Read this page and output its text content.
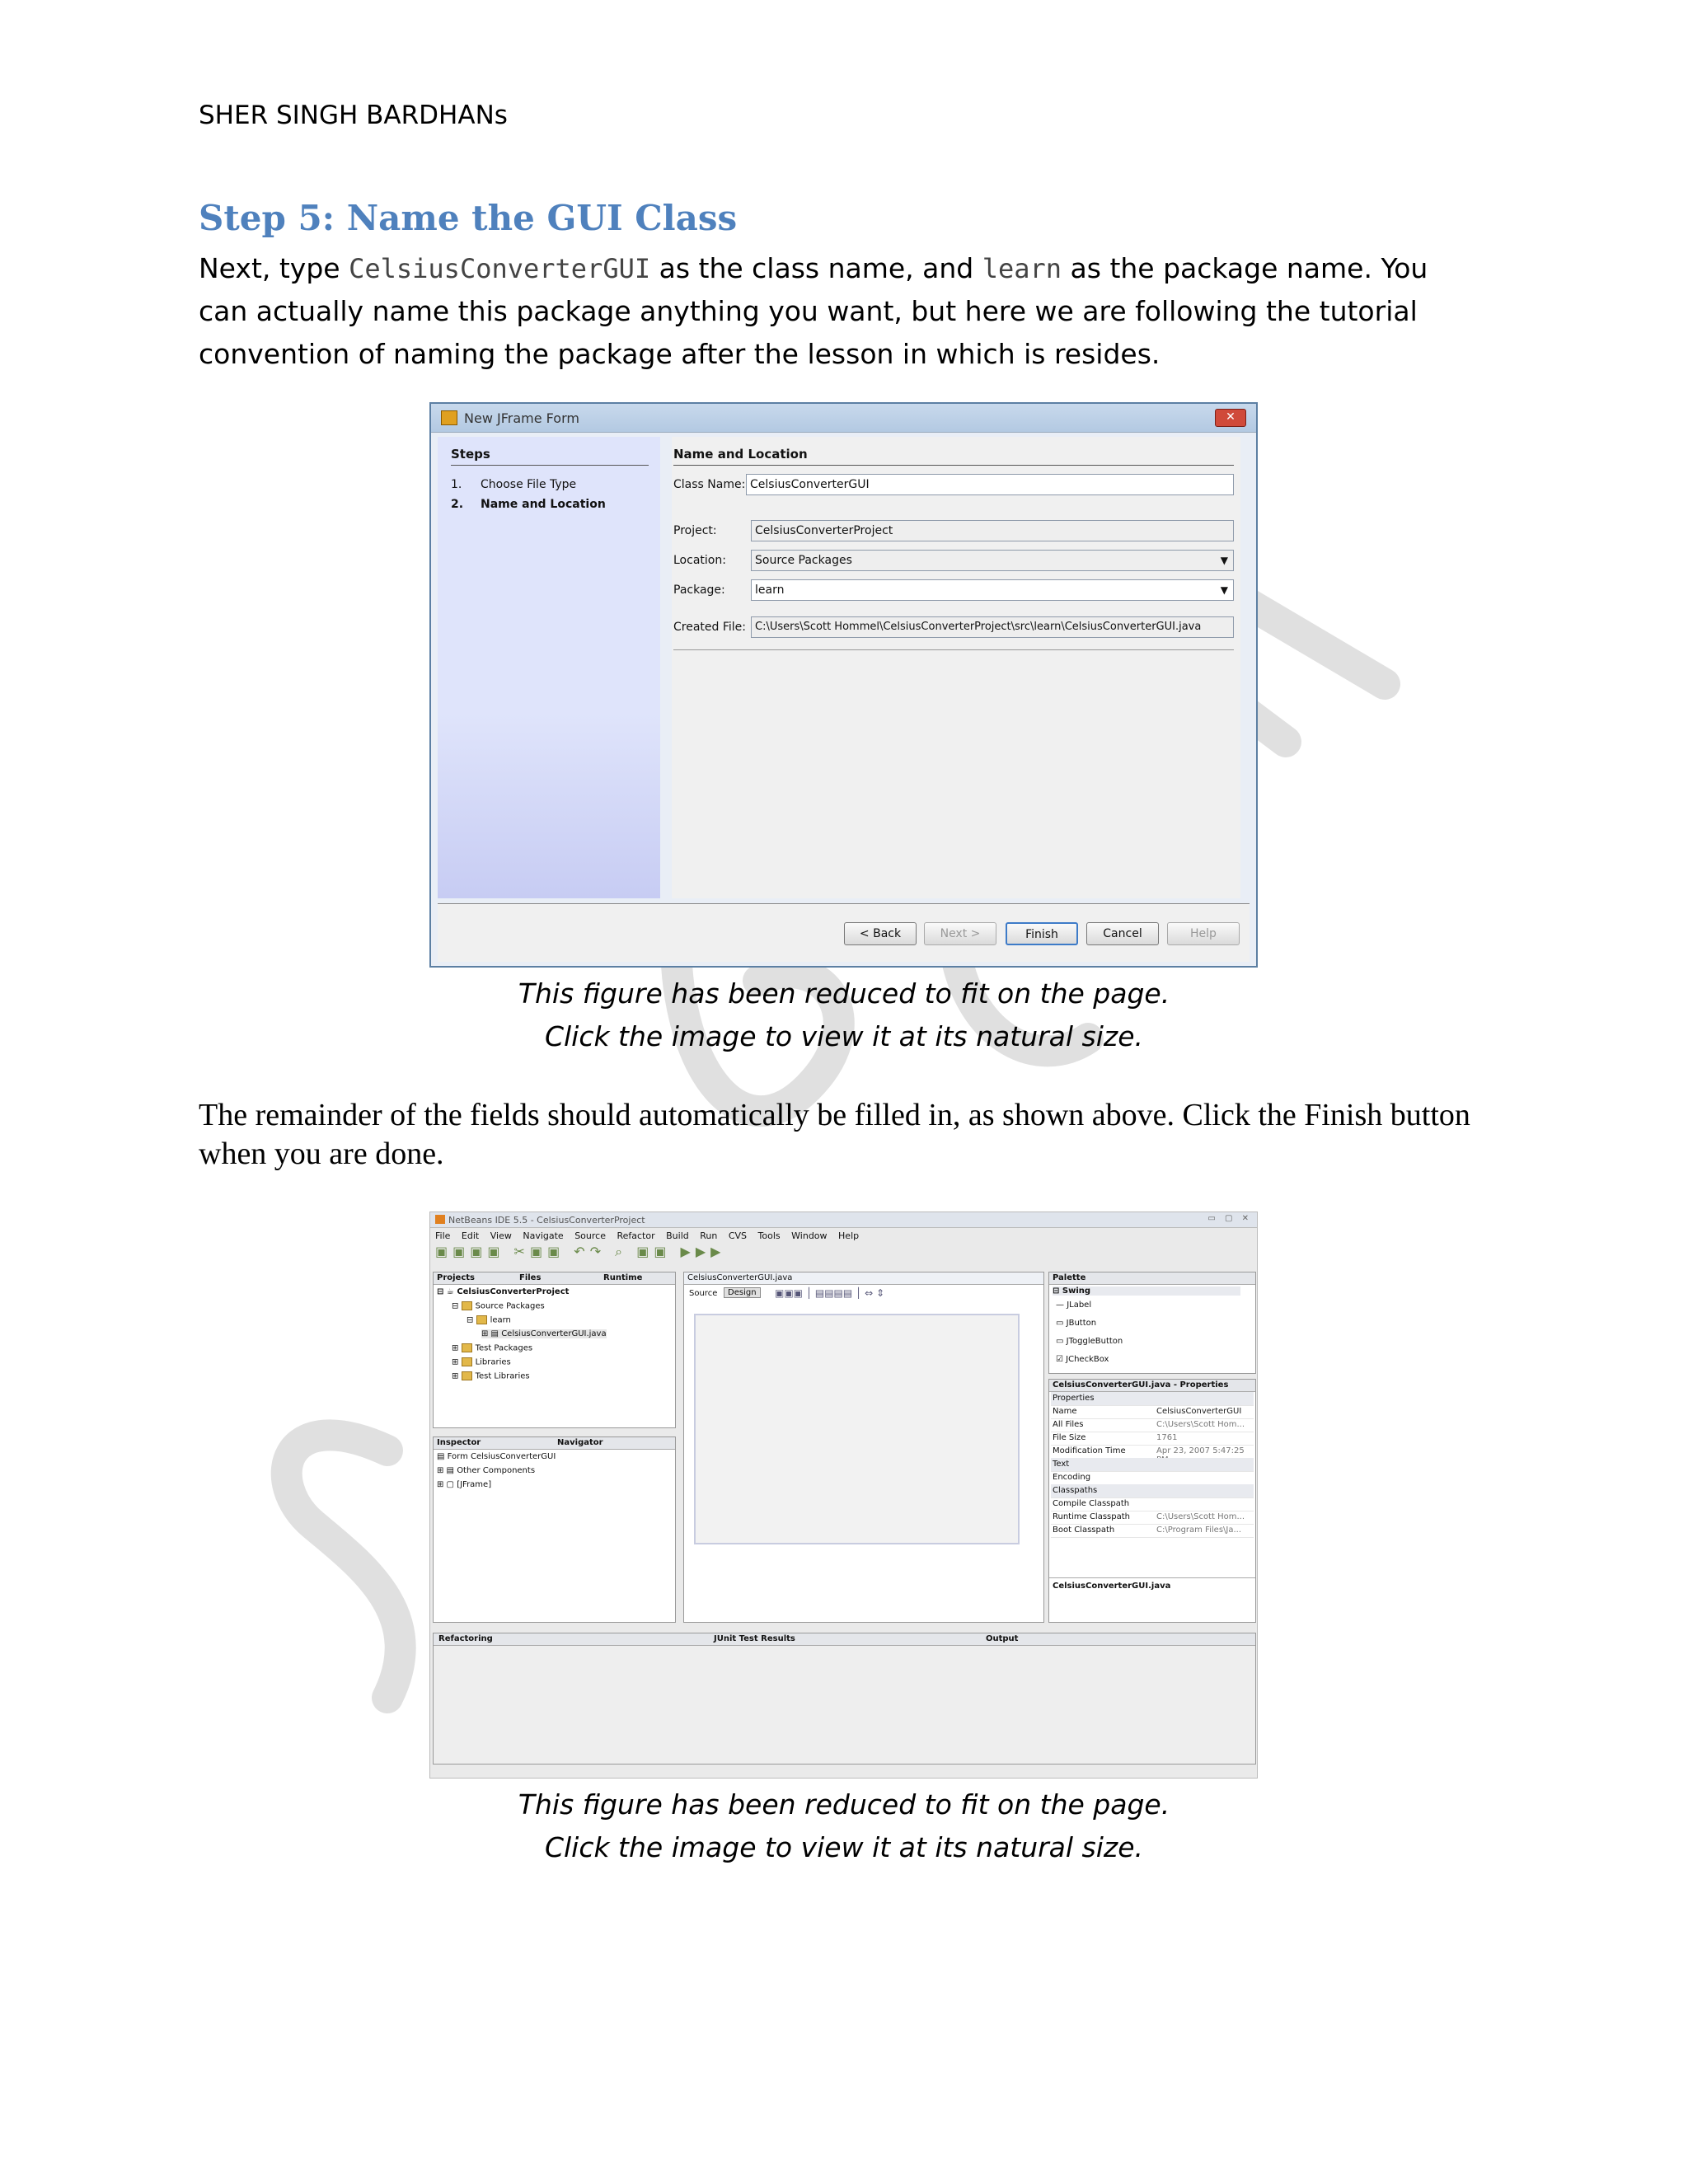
SHER SINGH BARDHANs
Step 5: Name the GUI Class
Next, type CelsiusConverterGUI as the class name, and learn as the package name. You can actually name this package anything you want, but here we are following the tutorial convention of naming the package after the lesson in which is resides.
New JFrame Form	✕
Steps
1. Choose File Type
2. Name and Location
Name and Location
Class Name: CelsiusConverterGUI
Project:	CelsiusConverterProject
Location:	Source Packages ▼
Package:	learn ▼
Created File: C:\Users\Scott Hommel\CelsiusConverterProject\src\learn\CelsiusConverterGUI.java
< Back	Next >	Finish	Cancel	Help
This figure has been reduced to fit on the page.
Click the image to view it at its natural size.
The remainder of the fields should automatically be filled in, as shown above. Click the Finish button when you are done.
NetBeans IDE 5.5 - CelsiusConverterProject	▭ ▢ ✕
File Edit View Navigate Source Refactor Build Run CVS Tools Window Help
▣▣▣▣ ✂▣▣ ↶↷ ⌕ ▣▣ ▶▶▶
Projects	Files	Runtime
⊟ ☕ CelsiusConverterProject
⊟ Source Packages
⊟ learn
⊞ ▤ CelsiusConverterGUI.java
⊞ Test Packages
⊞ Libraries
⊞ Test Libraries
Inspector	Navigator
▤ Form CelsiusConverterGUI
⊞ ▤ Other Components
⊞ ▢ [JFrame]
CelsiusConverterGUI.java
Source	Design	▣▣▣ │ ▤▤▤▤ │ ⇔ ⇕
Palette
⊟ Swing
— JLabel
▭ JButton
▭ JToggleButton
☑ JCheckBox
CelsiusConverterGUI.java - Properties
Properties
Name	CelsiusConverterGUI
All Files	C:\Users\Scott Hom...
File Size	1761
Modification Time	Apr 23, 2007 5:47:25
Text
Encoding
Classpaths
Compile Classpath
Runtime Classpath	C:\Users\Scott Hom...
Boot Classpath	C:\Program Files\Ja...
CelsiusConverterGUI.java
Refactoring	JUnit Test Results	Output
This figure has been reduced to fit on the page.
Click the image to view it at its natural size.
